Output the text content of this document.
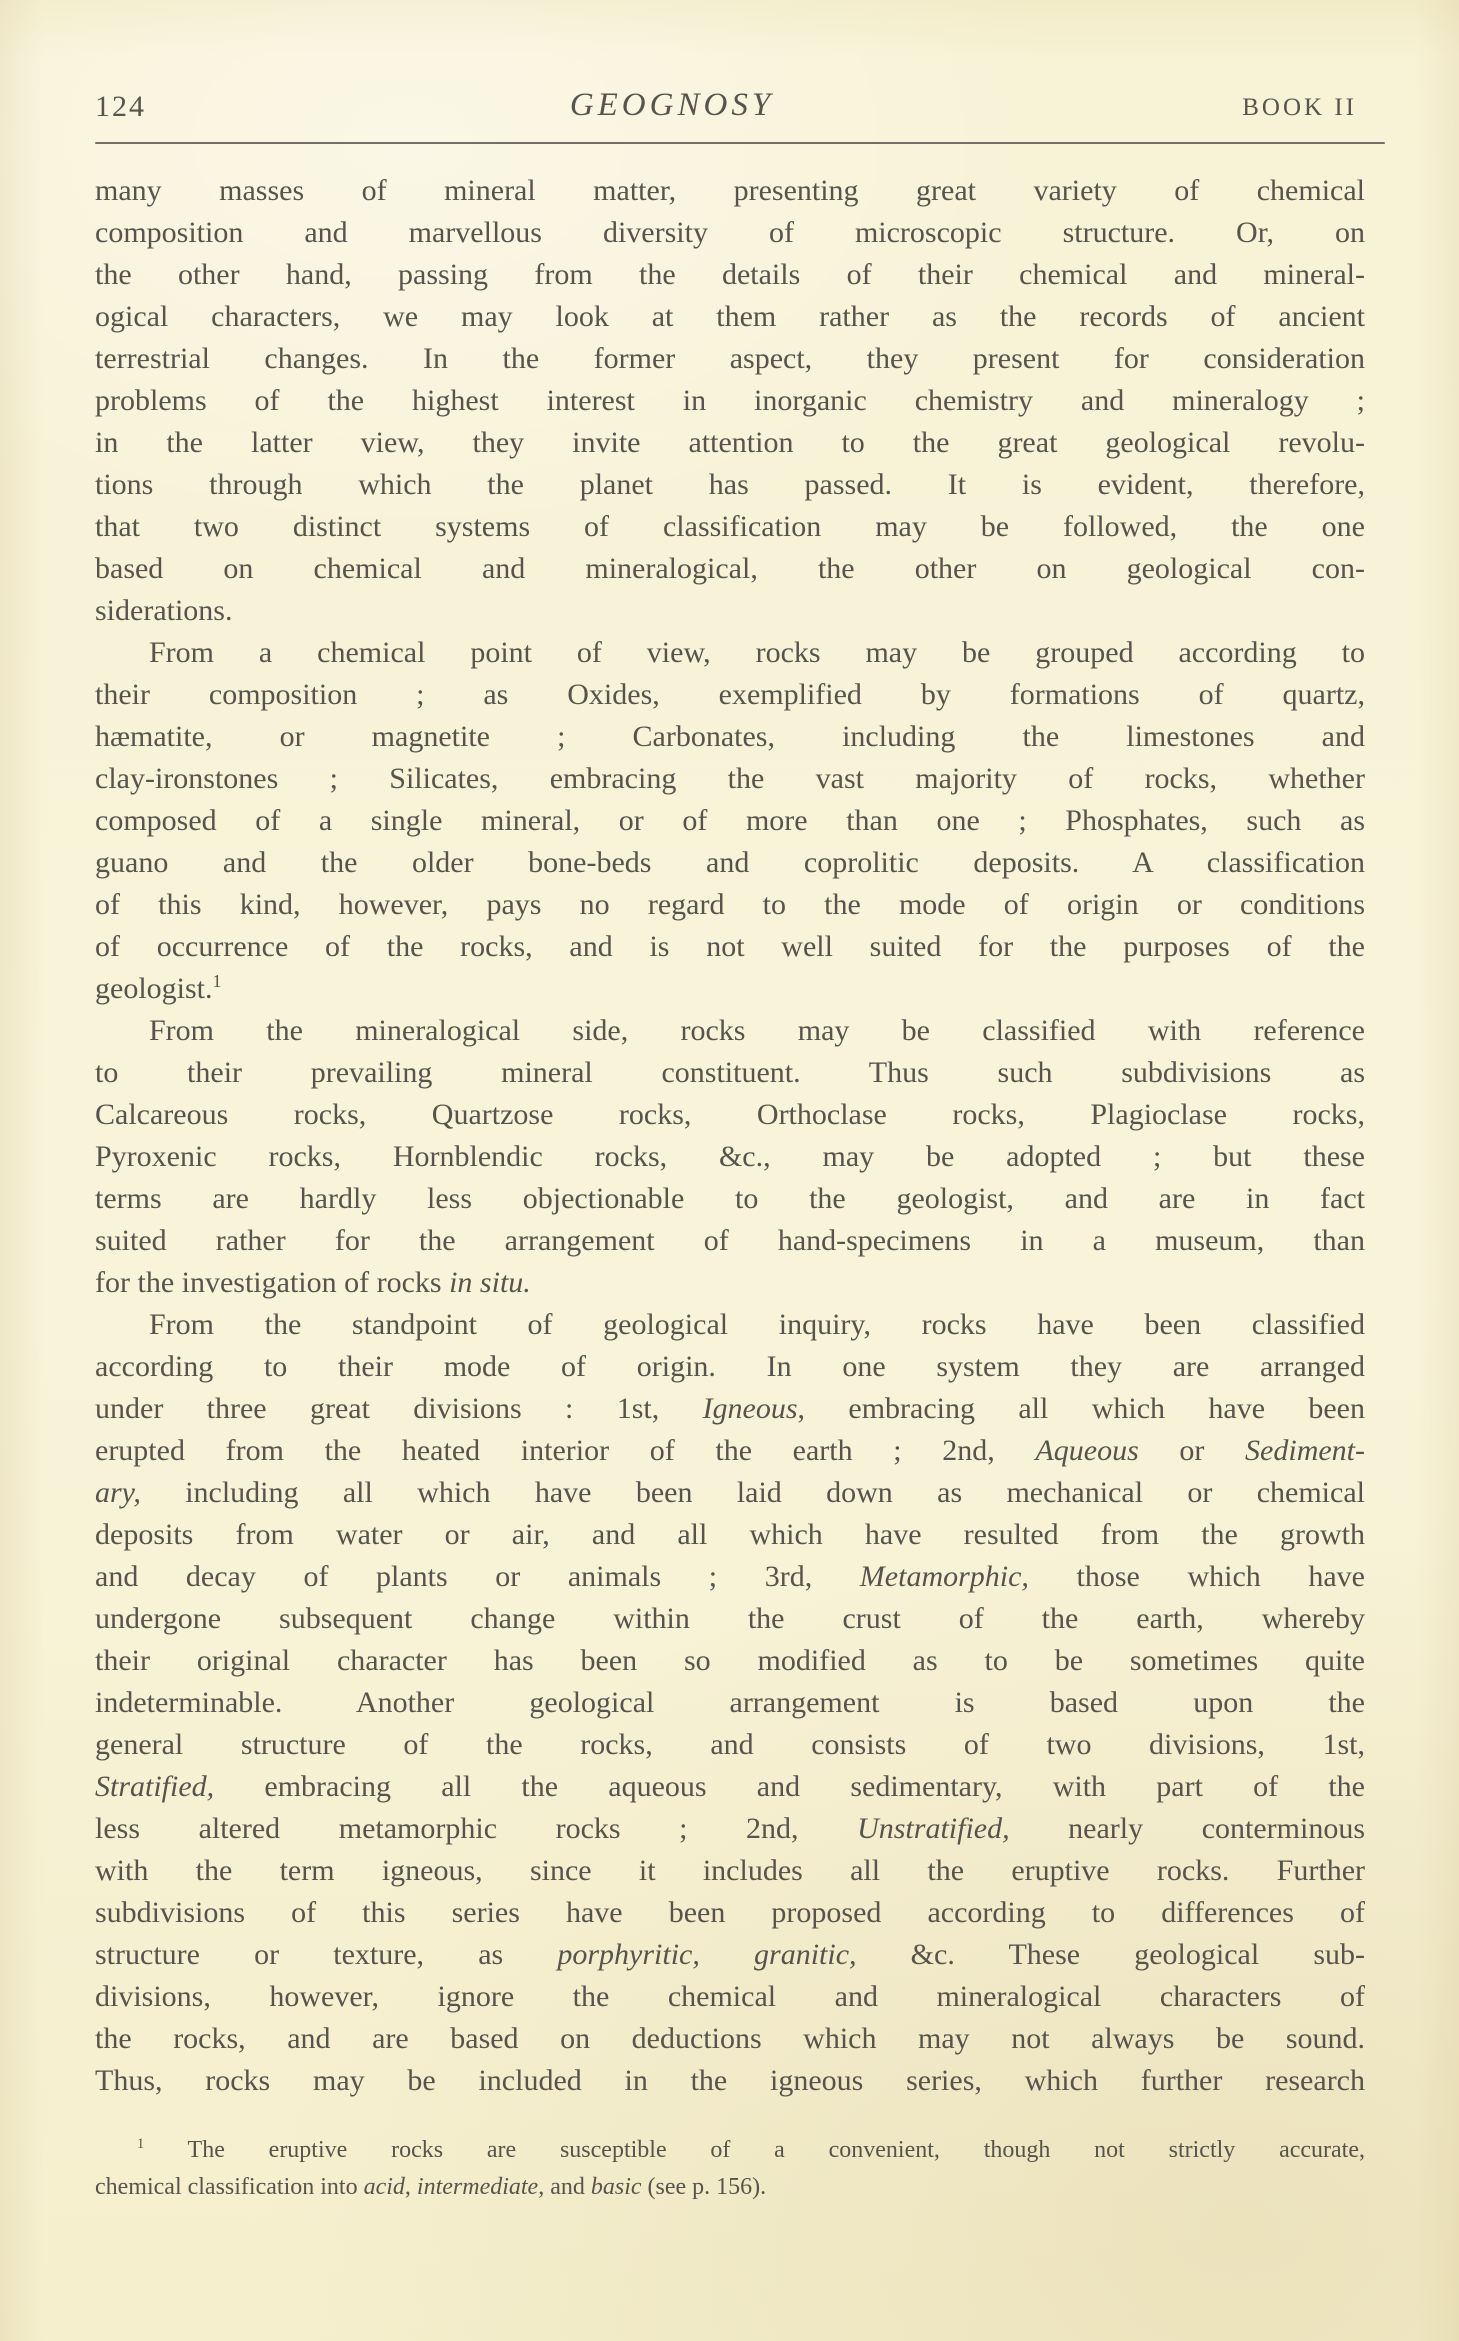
124	GEOGNOSY	BOOK II

many masses of mineral matter, presenting great variety of chemical
composition and marvellous diversity of microscopic structure. Or, on
the other hand, passing from the details of their chemical and mineral-
ogical characters, we may look at them rather as the records of ancient
terrestrial changes. In the former aspect, they present for consideration
problems of the highest interest in inorganic chemistry and mineralogy ;
in the latter view, they invite attention to the great geological revolu-
tions through which the planet has passed. It is evident, therefore,
that two distinct systems of classification may be followed, the one
based on chemical and mineralogical, the other on geological con-
siderations.

From a chemical point of view, rocks may be grouped according to
their composition ; as Oxides, exemplified by formations of quartz,
hæmatite, or magnetite ; Carbonates, including the limestones and
clay-ironstones ; Silicates, embracing the vast majority of rocks, whether
composed of a single mineral, or of more than one ; Phosphates, such as
guano and the older bone-beds and coprolitic deposits. A classification
of this kind, however, pays no regard to the mode of origin or conditions
of occurrence of the rocks, and is not well suited for the purposes of the
geologist.$^1$

From the mineralogical side, rocks may be classified with reference
to their prevailing mineral constituent. Thus such subdivisions as
Calcareous rocks, Quartzose rocks, Orthoclase rocks, Plagioclase rocks,
Pyroxenic rocks, Hornblendic rocks, &c., may be adopted ; but these
terms are hardly less objectionable to the geologist, and are in fact
suited rather for the arrangement of hand-specimens in a museum, than
for the investigation of rocks in situ.

From the standpoint of geological inquiry, rocks have been classified
according to their mode of origin. In one system they are arranged
under three great divisions : 1st, Igneous, embracing all which have been
erupted from the heated interior of the earth ; 2nd, Aqueous or Sediment-
ary, including all which have been laid down as mechanical or chemical
deposits from water or air, and all which have resulted from the growth
and decay of plants or animals ; 3rd, Metamorphic, those which have
undergone subsequent change within the crust of the earth, whereby
their original character has been so modified as to be sometimes quite
indeterminable. Another geological arrangement is based upon the
general structure of the rocks, and consists of two divisions, 1st,
Stratified, embracing all the aqueous and sedimentary, with part of the
less altered metamorphic rocks ; 2nd, Unstratified, nearly conterminous
with the term igneous, since it includes all the eruptive rocks. Further
subdivisions of this series have been proposed according to differences of
structure or texture, as porphyritic, granitic, &c. These geological sub-
divisions, however, ignore the chemical and mineralogical characters of
the rocks, and are based on deductions which may not always be sound.
Thus, rocks may be included in the igneous series, which further research

$^1$ The eruptive rocks are susceptible of a convenient, though not strictly accurate,
chemical classification into acid, intermediate, and basic (see p. 156).
